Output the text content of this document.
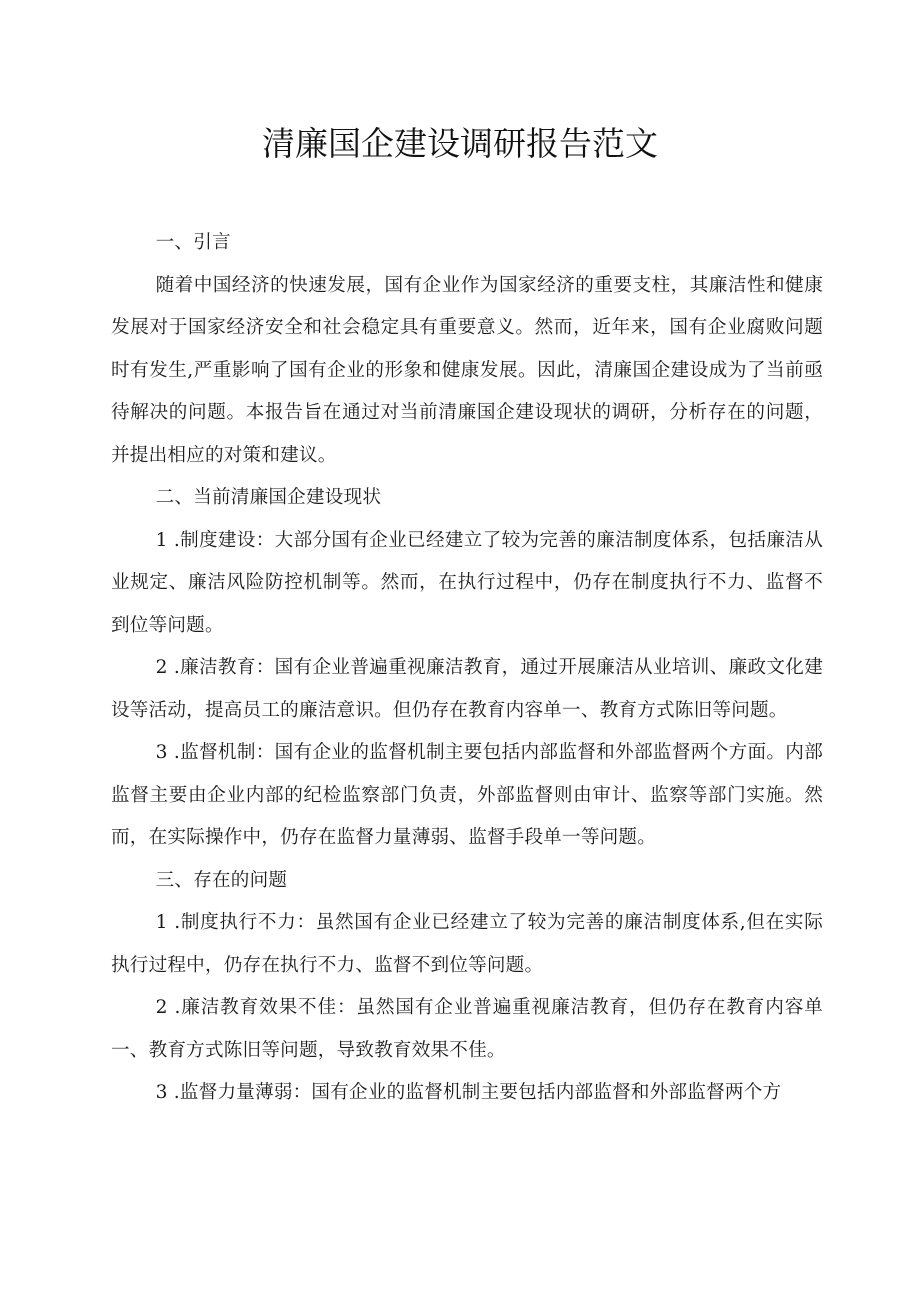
清廉国企建设调研报告范文

一、引言

随着中国经济的快速发展，国有企业作为国家经济的重要支柱，其廉洁性和健康发展对于国家经济安全和社会稳定具有重要意义。然而，近年来，国有企业腐败问题时有发生,严重影响了国有企业的形象和健康发展。因此，清廉国企建设成为了当前亟待解决的问题。本报告旨在通过对当前清廉国企建设现状的调研，分析存在的问题，并提出相应的对策和建议。

二、当前清廉国企建设现状

1 .制度建设：大部分国有企业已经建立了较为完善的廉洁制度体系，包括廉洁从业规定、廉洁风险防控机制等。然而，在执行过程中，仍存在制度执行不力、监督不到位等问题。

2 .廉洁教育：国有企业普遍重视廉洁教育，通过开展廉洁从业培训、廉政文化建设等活动，提高员工的廉洁意识。但仍存在教育内容单一、教育方式陈旧等问题。

3 .监督机制：国有企业的监督机制主要包括内部监督和外部监督两个方面。内部监督主要由企业内部的纪检监察部门负责，外部监督则由审计、监察等部门实施。然而，在实际操作中，仍存在监督力量薄弱、监督手段单一等问题。

三、存在的问题

1 .制度执行不力：虽然国有企业已经建立了较为完善的廉洁制度体系,但在实际执行过程中，仍存在执行不力、监督不到位等问题。

2 .廉洁教育效果不佳：虽然国有企业普遍重视廉洁教育，但仍存在教育内容单一、教育方式陈旧等问题，导致教育效果不佳。

3 .监督力量薄弱：国有企业的监督机制主要包括内部监督和外部监督两个方
